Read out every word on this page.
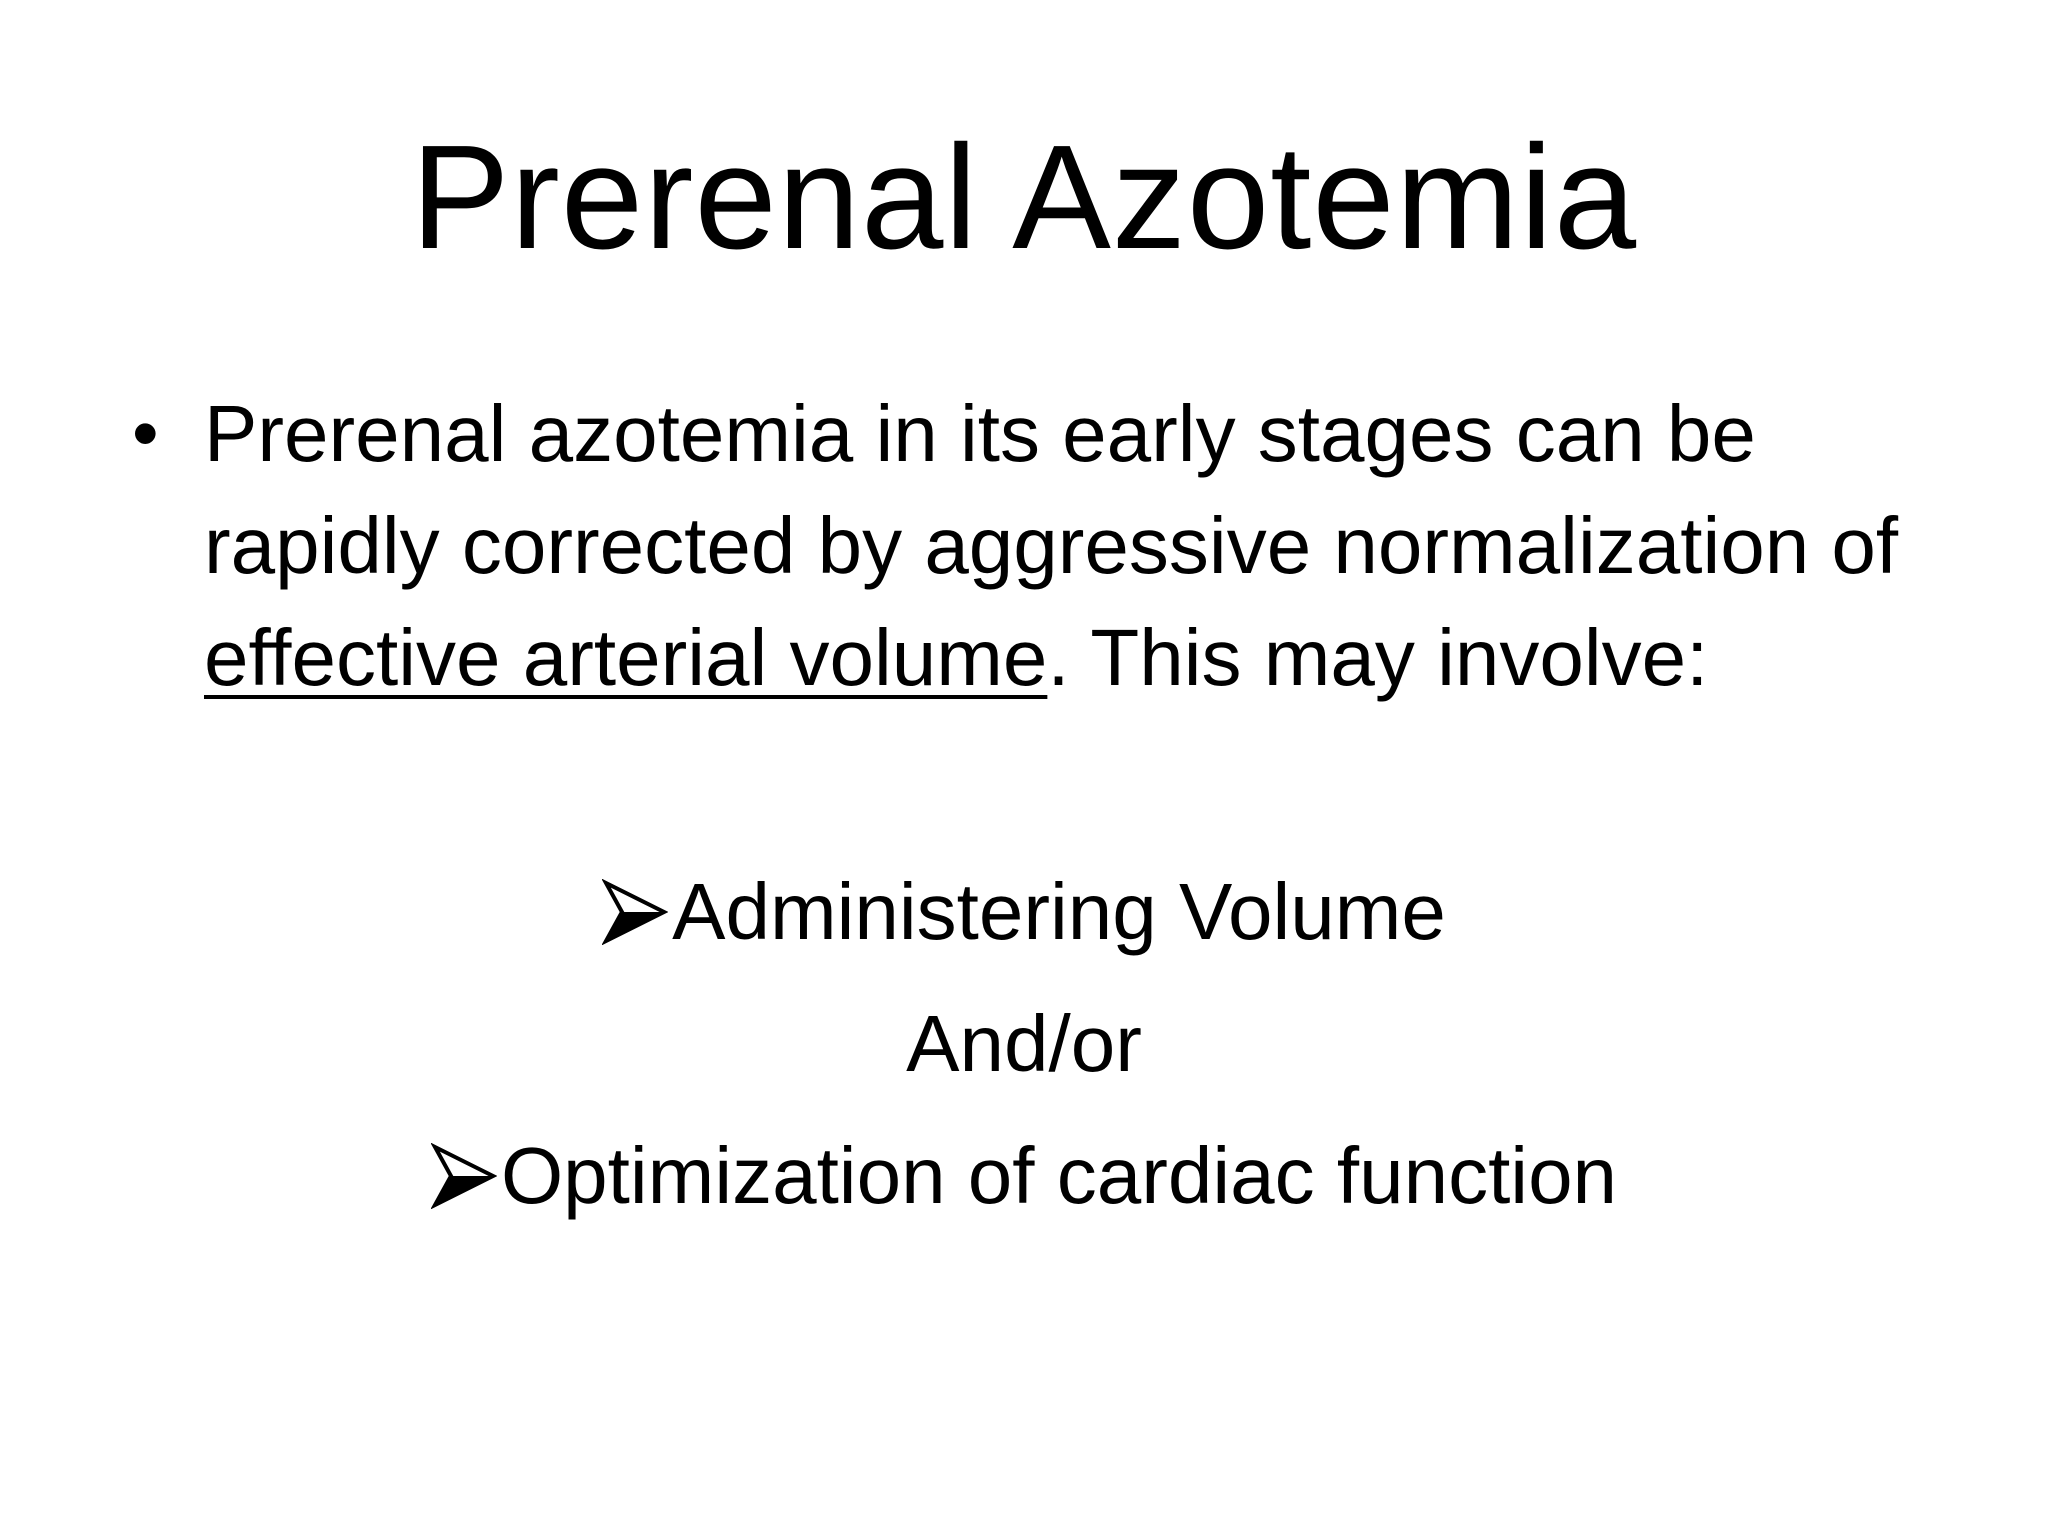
Prerenal Azotemia
• Prerenal azotemia in its early stages can be rapidly corrected by aggressive normalization of effective arterial volume. This may involve:
Administering Volume
And/or
Optimization of cardiac function
